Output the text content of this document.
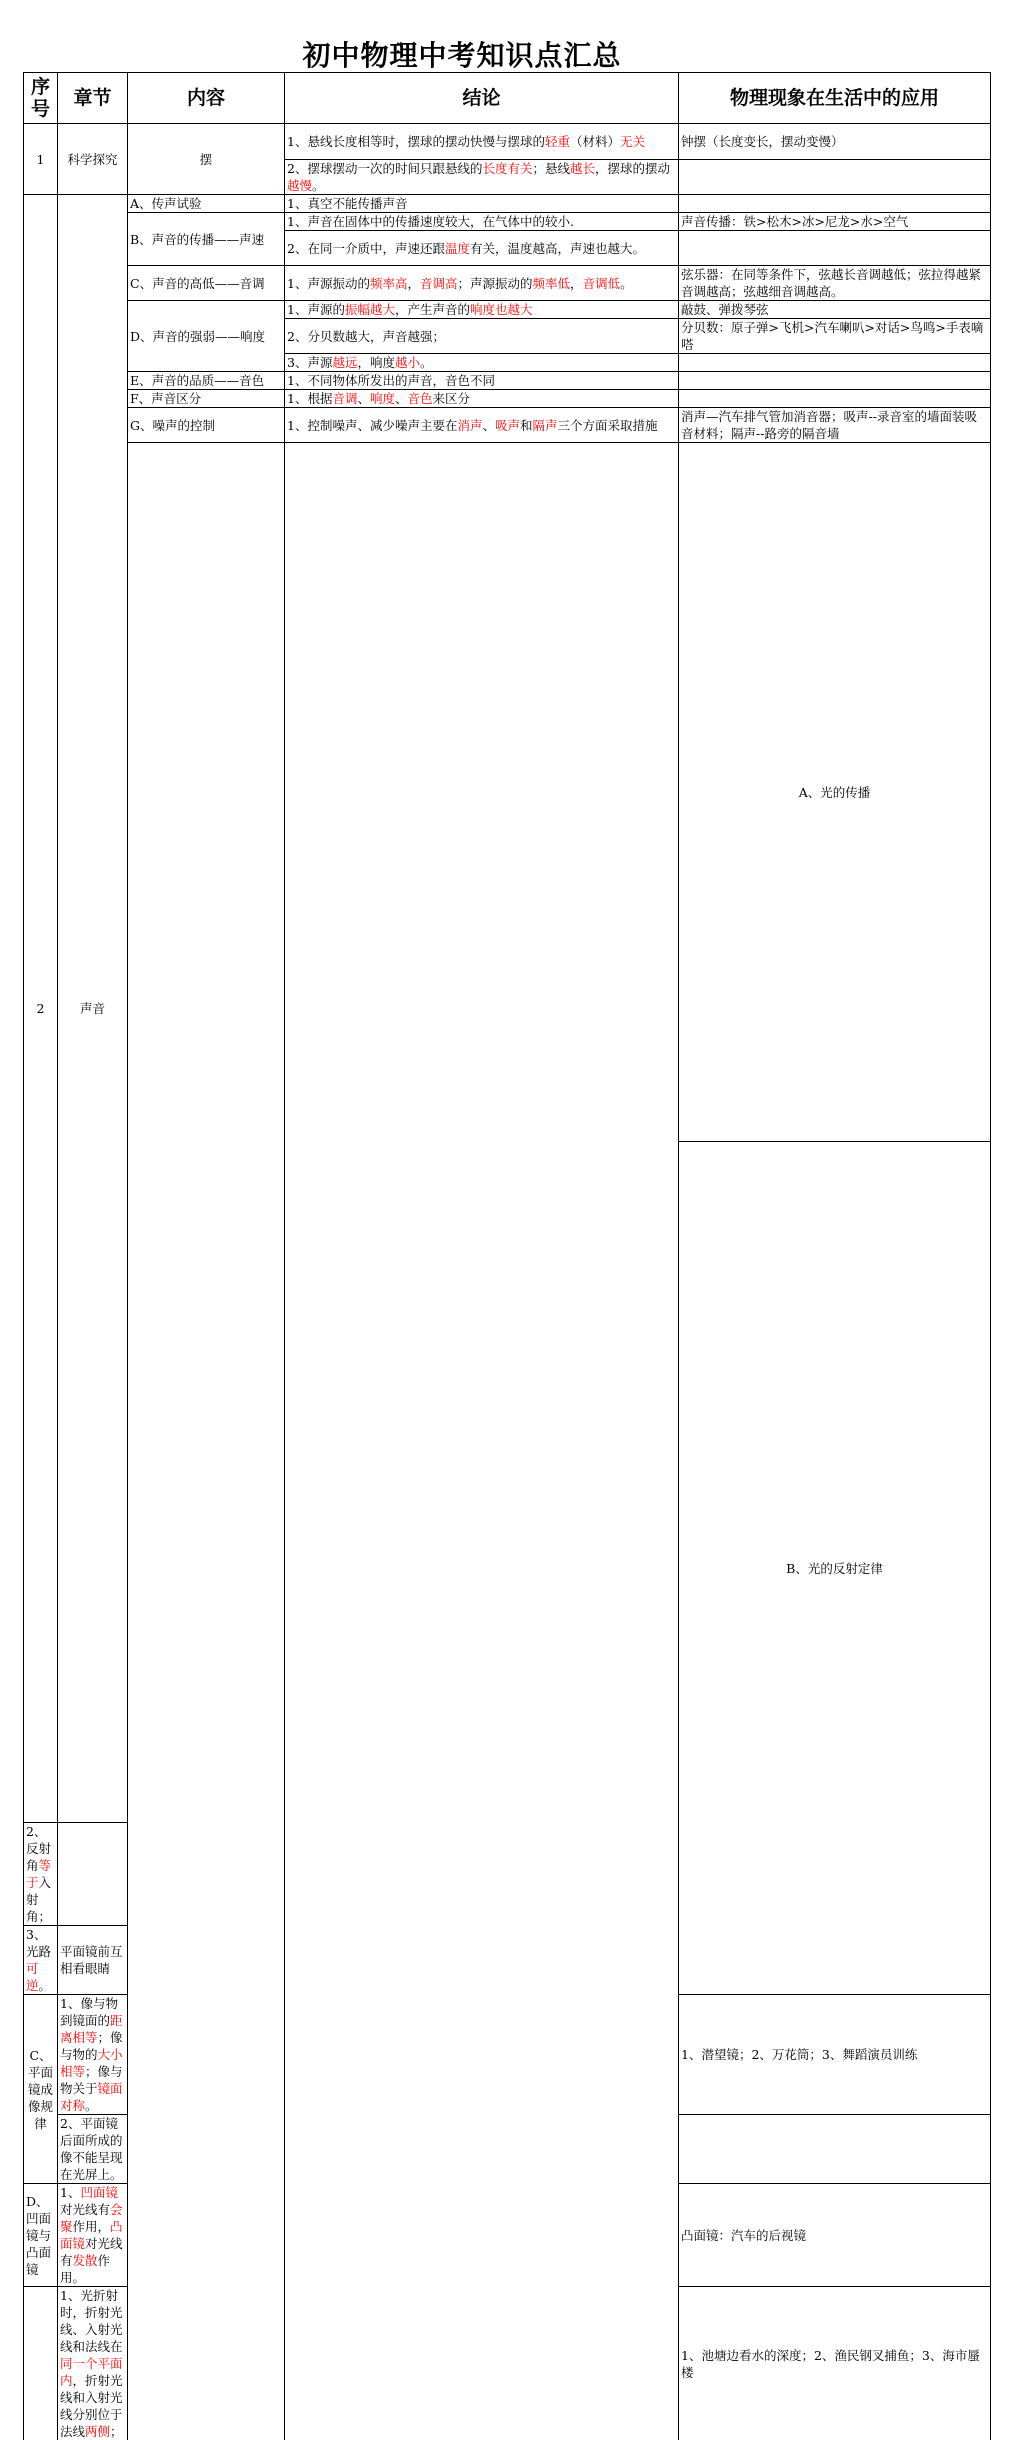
初中物理中考知识点汇总
序号	章节	内容	结论	物理现象在生活中的应用	
1	科学探究	摆	1、悬线长度相等时，摆球的摆动快慢与摆球的轻重（材料）无关	钟摆（长度变长，摆动变慢）	
			2、摆球摆动一次的时间只跟悬线的长度有关；悬线越长，摆球的摆动越慢。		
2	声音	A、传声试验	1、真空不能传播声音		
		B、声音的传播——声速	1、声音在固体中的传播速度较大，在气体中的较小.	声音传播：铁>松木>冰>尼龙>水>空气	
			2、在同一介质中，声速还跟温度有关，温度越高，声速也越大。		
		C、声音的高低——音调	1、声源振动的频率高，音调高；声源振动的频率低，音调低。	弦乐器：在同等条件下，弦越长音调越低；弦拉得越紧音调越高；弦越细音调越高。	
		D、声音的强弱——响度	1、声源的振幅越大，产生声音的响度也越大	敲鼓、弹拨琴弦	
			2、分贝数越大，声音越强；	分贝数：原子弹>飞机>汽车喇叭>对话>鸟鸣>手表嘀嗒	
			3、声源越远，响度越小。		
		E、声音的品质——音色	1、不同物体所发出的声音，音色不同		
		F、声音区分	1、根据音调、响度、音色来区分		
		G、噪声的控制	1、控制噪声、减少噪声主要在消声、吸声和隔声三个方面采取措施	消声—汽车排气管加消音器；吸声--录音室的墙面装吸音材料；隔声--路旁的隔音墙	
				A、光的传播		

				B、光的反射定律		
2、反射角等于入射角；					
3、光路可逆。	平面镜前互相看眼睛				
C、平面镜成像规律	1、像与物到镜面的距离相等；像与物的大小相等；像与物关于镜面对称。			1、潜望镜；2、万花筒；3、舞蹈演员训练	
	2、平面镜后面所成的像不能呈现在光屏上。				
D、凹面镜与凸面镜	1、凹面镜对光线有会聚作用，凸面镜对光线有发散作用。			凸面镜：汽车的后视镜	
	1、光折射时，折射光线、入射光线和法线在同一个平面内，折射光线和入射光线分别位于法线两侧；			1、池塘边看水的深度；2、渔民钢叉捕鱼；3、海市蜃楼	
